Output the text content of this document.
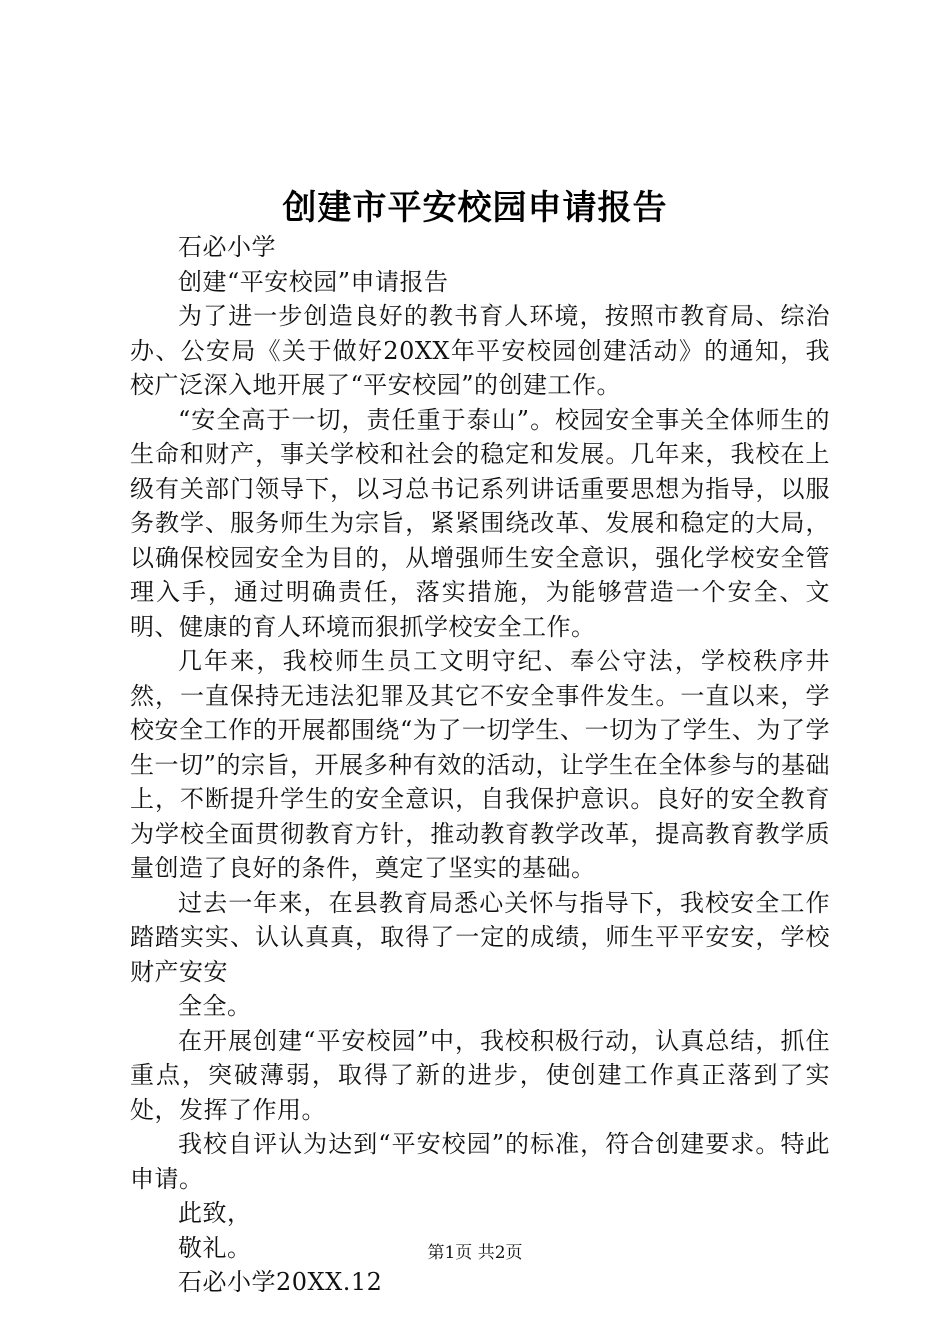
创建市平安校园申请报告

石必小学

创建“平安校园”申请报告

为了进一步创造良好的教书育人环境，按照市教育局、综治办、公安局《关于做好20XX年平安校园创建活动》的通知，我校广泛深入地开展了“平安校园”的创建工作。

“安全高于一切，责任重于泰山”。校园安全事关全体师生的生命和财产，事关学校和社会的稳定和发展。几年来，我校在上级有关部门领导下，以习总书记系列讲话重要思想为指导，以服务教学、服务师生为宗旨，紧紧围绕改革、发展和稳定的大局，以确保校园安全为目的，从增强师生安全意识，强化学校安全管理入手，通过明确责任，落实措施，为能够营造一个安全、文明、健康的育人环境而狠抓学校安全工作。

几年来，我校师生员工文明守纪、奉公守法，学校秩序井然，一直保持无违法犯罪及其它不安全事件发生。一直以来，学校安全工作的开展都围绕“为了一切学生、一切为了学生、为了学生一切”的宗旨，开展多种有效的活动，让学生在全体参与的基础上，不断提升学生的安全意识，自我保护意识。良好的安全教育为学校全面贯彻教育方针，推动教育教学改革，提高教育教学质量创造了良好的条件，奠定了坚实的基础。

过去一年来，在县教育局悉心关怀与指导下，我校安全工作踏踏实实、认认真真，取得了一定的成绩，师生平平安安，学校财产安安

全全。

在开展创建“平安校园”中，我校积极行动，认真总结，抓住重点，突破薄弱，取得了新的进步，使创建工作真正落到了实处，发挥了作用。

我校自评认为达到“平安校园”的标准，符合创建要求。特此申请。

此致，

敬礼。

石必小学20XX.12

第1页 共2页
